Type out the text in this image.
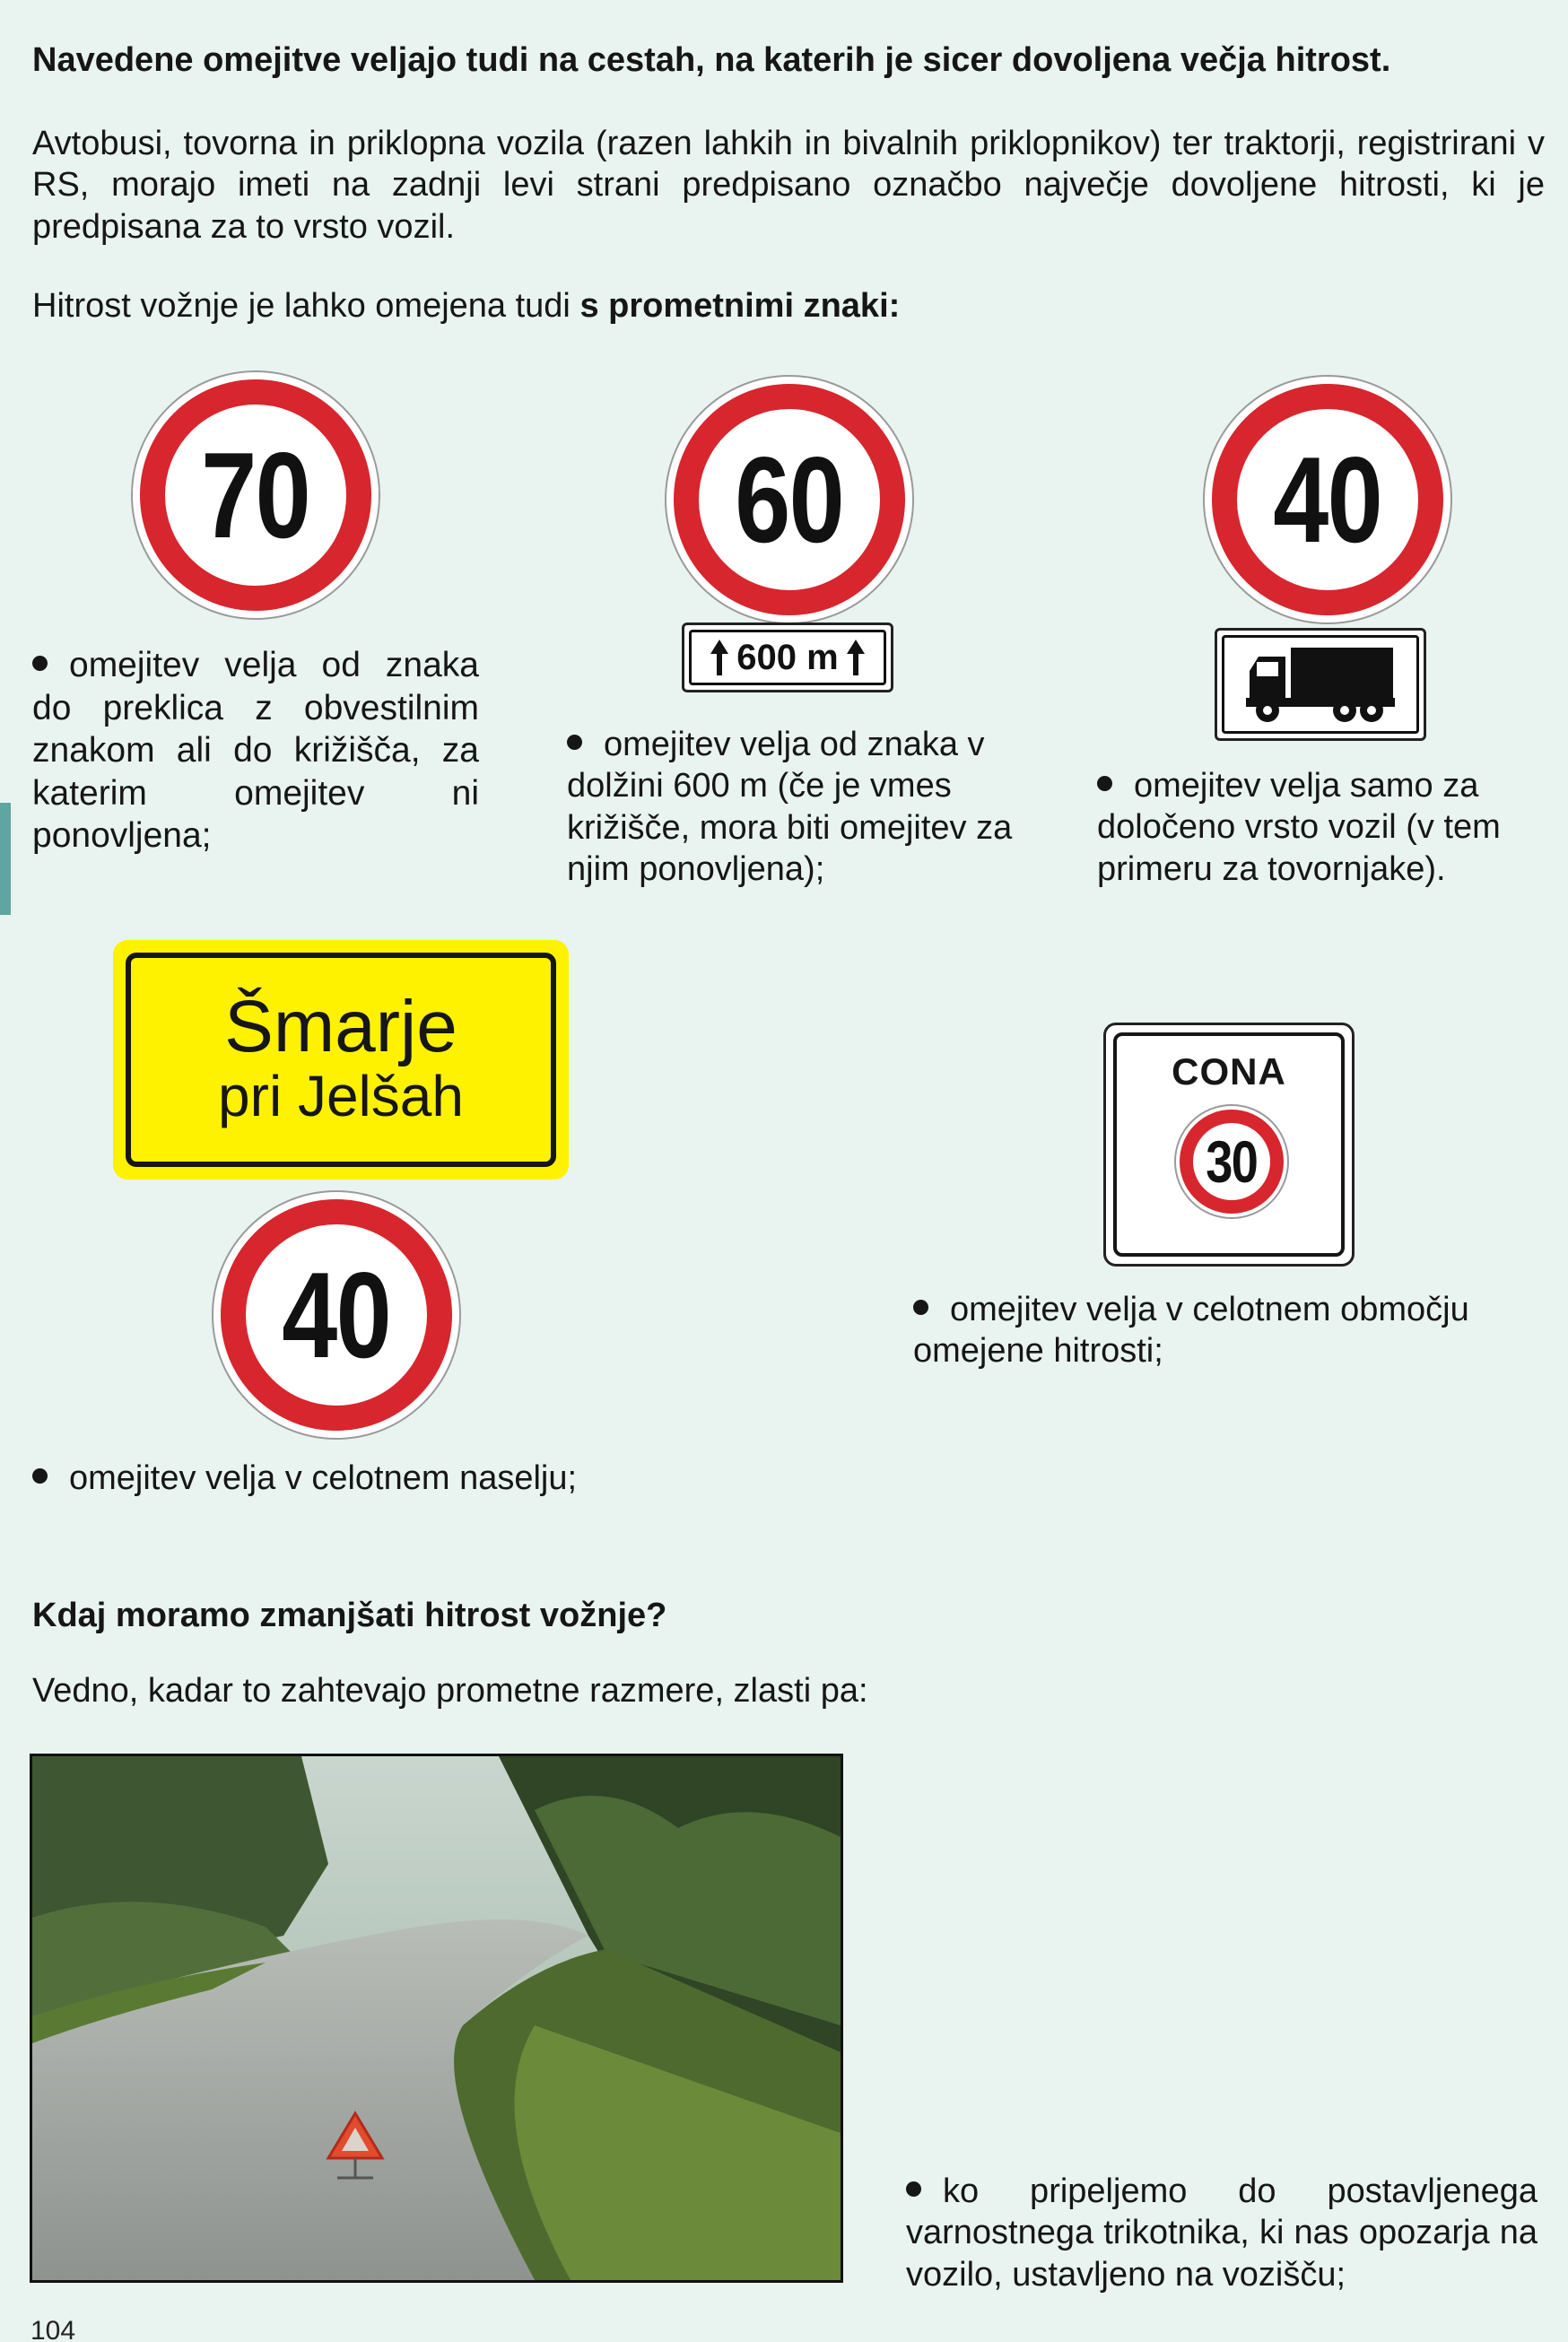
Navedene omejitve veljajo tudi na cestah, na katerih je sicer dovoljena večja hitrost.
Avtobusi, tovorna in priklopna vozila (razen lahkih in bivalnih priklopnikov) ter traktorji, registrirani v RS, morajo imeti na zadnji levi strani predpisano označbo največje dovoljene hitrosti, ki je predpisana za to vrsto vozil.
Hitrost vožnje je lahko omejena tudi s prometnimi znaki:
70	60
600 m
40
omejitev velja od znaka do preklica z obvestilnim znakom ali do križišča, za katerim omejitev ni ponovljena;
omejitev velja od znaka v dolžini 600 m (če je vmes križišče, mora biti omejitev za njim ponovljena);
omejitev velja samo za določeno vrsto vozil (v tem primeru za tovornjake).
Šmarje
pri Jelšah
40
CONA
30
omejitev velja v celotnem območju omejene hitrosti;
omejitev velja v celotnem naselju;
Kdaj moramo zmanjšati hitrost vožnje?
Vedno, kadar to zahtevajo prometne razmere, zlasti pa:
ko pripeljemo do postavljenega varnostnega trikotnika, ki nas opozarja na vozilo, ustavljeno na vozišču;
104
